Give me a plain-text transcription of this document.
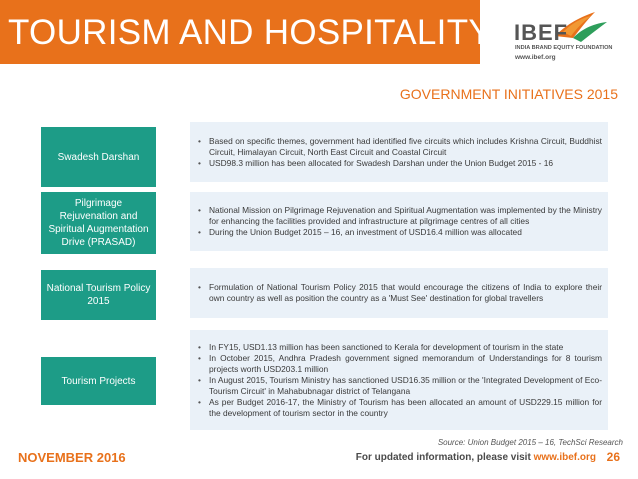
TOURISM AND HOSPITALITY IBEF
INDIA BRAND EQUITY FOUNDATION
www.ibef.org
GOVERNMENT INITIATIVES 2015
Swadesh Darshan
• Based on specific themes, government had identified five circuits which includes Krishna Circuit, Buddhist Circuit, Himalayan Circuit, North East Circuit and Coastal Circuit
• USD98.3 million has been allocated for Swadesh Darshan under the Union Budget 2015 - 16
Pilgrimage Rejuvenation and Spiritual Augmentation Drive (PRASAD)
• National Mission on Pilgrimage Rejuvenation and Spiritual Augmentation was implemented by the Ministry for enhancing the facilities provided and infrastructure at pilgrimage centres of all cities
• During the Union Budget 2015 – 16, an investment of USD16.4 million was allocated
National Tourism Policy 2015
• Formulation of National Tourism Policy 2015 that would encourage the citizens of India to explore their own country as well as position the country as a 'Must See' destination for global travellers
Tourism Projects
• In FY15, USD1.13 million has been sanctioned to Kerala for development of tourism in the state
• In October 2015, Andhra Pradesh government signed memorandum of Understandings for 8 tourism projects worth USD203.1 million
• In August 2015, Tourism Ministry has sanctioned USD16.35 million or the 'Integrated Development of Eco-Tourism Circuit' in Mahabubnagar district of Telangana
• As per Budget 2016-17, the Ministry of Tourism has been allocated an amount of USD229.15 million for the development of tourism sector in the country
Source: Union Budget 2015 – 16, TechSci Research
NOVEMBER 2016	For updated information, please visit www.ibef.org 26
